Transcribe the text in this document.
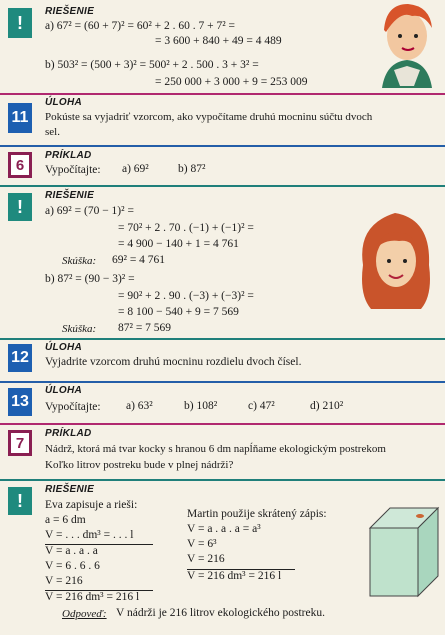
!
RIEŠENIE
a) 67² = (60 + 7)² = 60² + 2 . 60 . 7 + 7² =
= 3 600 + 840 + 49 = 4 489
b) 503² = (500 + 3)² = 500² + 2 . 500 . 3 + 3² =
= 250 000 + 3 000 + 9 = 253 009
11
ÚLOHA
Pokúste sa vyjadriť vzorcom, ako vypočítame druhú mocninu súčtu dvoch
sel.
6
PRÍKLAD
Vypočítajte: a) 69²	b) 87²
!
RIEŠENIE
a) 69² = (70 − 1)² =
= 70² + 2 . 70 . (−1) + (−1)² =
= 4 900 − 140 + 1 = 4 761
Skúška: 69² = 4 761
b) 87² = (90 − 3)² =
= 90² + 2 . 90 . (−3) + (−3)² =
= 8 100 − 540 + 9 = 7 569
Skúška: 87² = 7 569
12
ÚLOHA
Vyjadrite vzorcom druhú mocninu rozdielu dvoch čísel.
13
ÚLOHA
Vypočítajte: a) 63²	b) 108²	c) 47²	d) 210²
7
PRÍKLAD
Nádrž, ktorá má tvar kocky s hranou 6 dm napĺňame ekologickým postrekom
Koľko litrov postreku bude v plnej nádrži?
!
RIEŠENIE
Eva zapisuje a rieši:
a = 6 dm
V = . . . dm³ = . . . l
V = a . a . a
V = 6 . 6 . 6
V = 216
V = 216 dm³ = 216 l
Martin použije skrátený zápis:
V = a . a . a = a³
V = 6³
V = 216
V = 216 dm³ = 216 l
Odpoveď: V nádrži je 216 litrov ekologického postreku.
